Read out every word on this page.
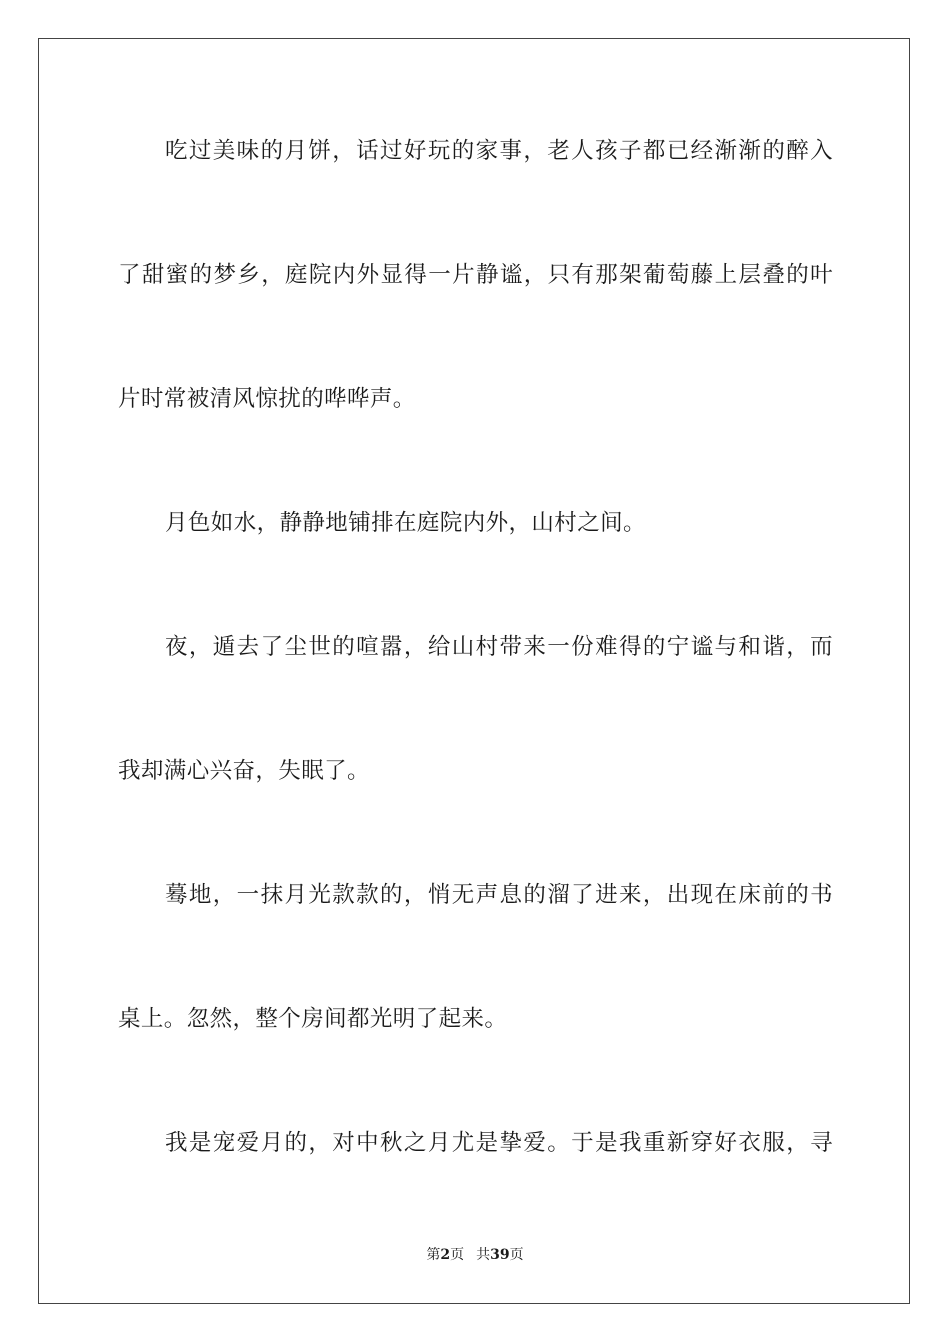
吃过美味的月饼，话过好玩的家事，老人孩子都已经渐渐的醉入
了甜蜜的梦乡，庭院内外显得一片静谧，只有那架葡萄藤上层叠的叶
片时常被清风惊扰的哗哗声。
月色如水，静静地铺排在庭院内外，山村之间。
夜，遁去了尘世的喧嚣，给山村带来一份难得的宁谧与和谐，而
我却满心兴奋，失眠了。
蓦地，一抹月光款款的，悄无声息的溜了进来，出现在床前的书
桌上。忽然，整个房间都光明了起来。
我是宠爱月的，对中秋之月尤是挚爱。于是我重新穿好衣服，寻
第2页 共39页
